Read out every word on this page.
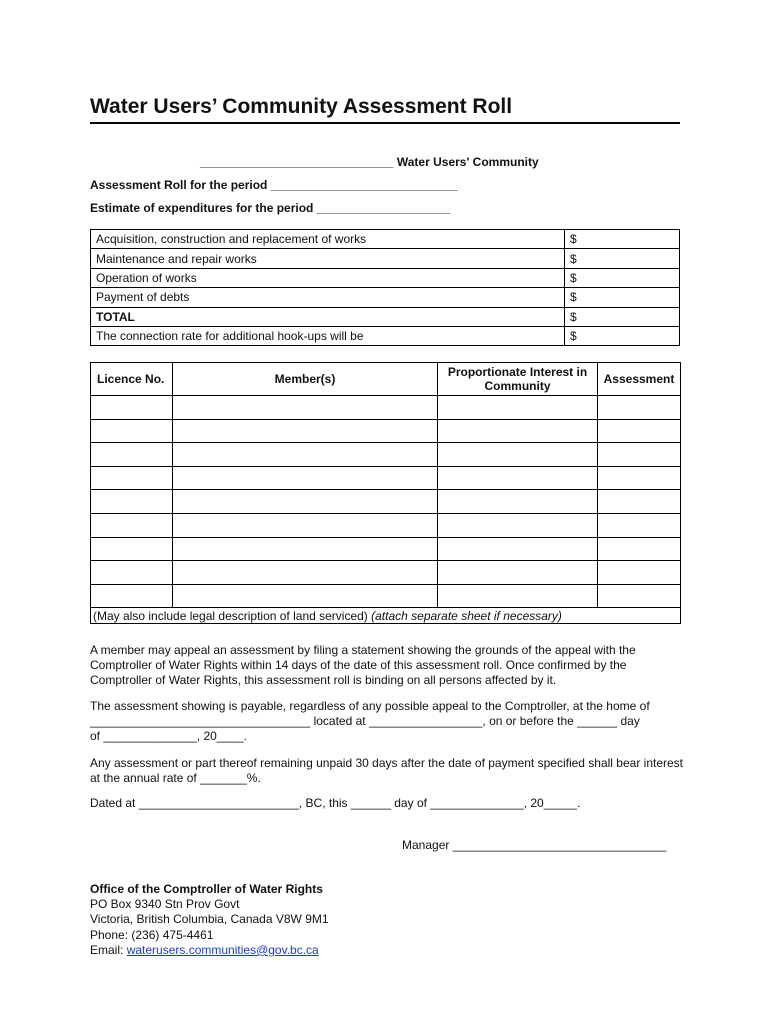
Water Users’ Community Assessment Roll
_____________________________ Water Users' Community
Assessment Roll for the period ____________________________
Estimate of expenditures for the period ____________________
Acquisition, construction and replacement of works	$
Maintenance and repair works	$
Operation of works	$
Payment of debts	$
TOTAL	$
The connection rate for additional hook-ups will be	$
Licence No.	Member(s)	Proportionate Interest in Community	Assessment

(May also include legal description of land serviced) (attach separate sheet if necessary)			

A member may appeal an assessment by filing a statement showing the grounds of the appeal with the Comptroller of Water Rights within 14 days of the date of this assessment roll. Once confirmed by the Comptroller of Water Rights, this assessment roll is binding on all persons affected by it.

The assessment showing is payable, regardless of any possible appeal to the Comptroller, at the home of
_________________________________ located at _________________, on or before the ______ day
of ______________, 20____.

Any assessment or part thereof remaining unpaid 30 days after the date of payment specified shall bear interest at the annual rate of _______%.

Dated at ________________________, BC, this ______ day of ______________, 20_____.

Manager ________________________________

Office of the Comptroller of Water Rights
PO Box 9340 Stn Prov Govt
Victoria, British Columbia, Canada V8W 9M1
Phone: (236) 475-4461
Email: waterusers.communities@gov.bc.ca
